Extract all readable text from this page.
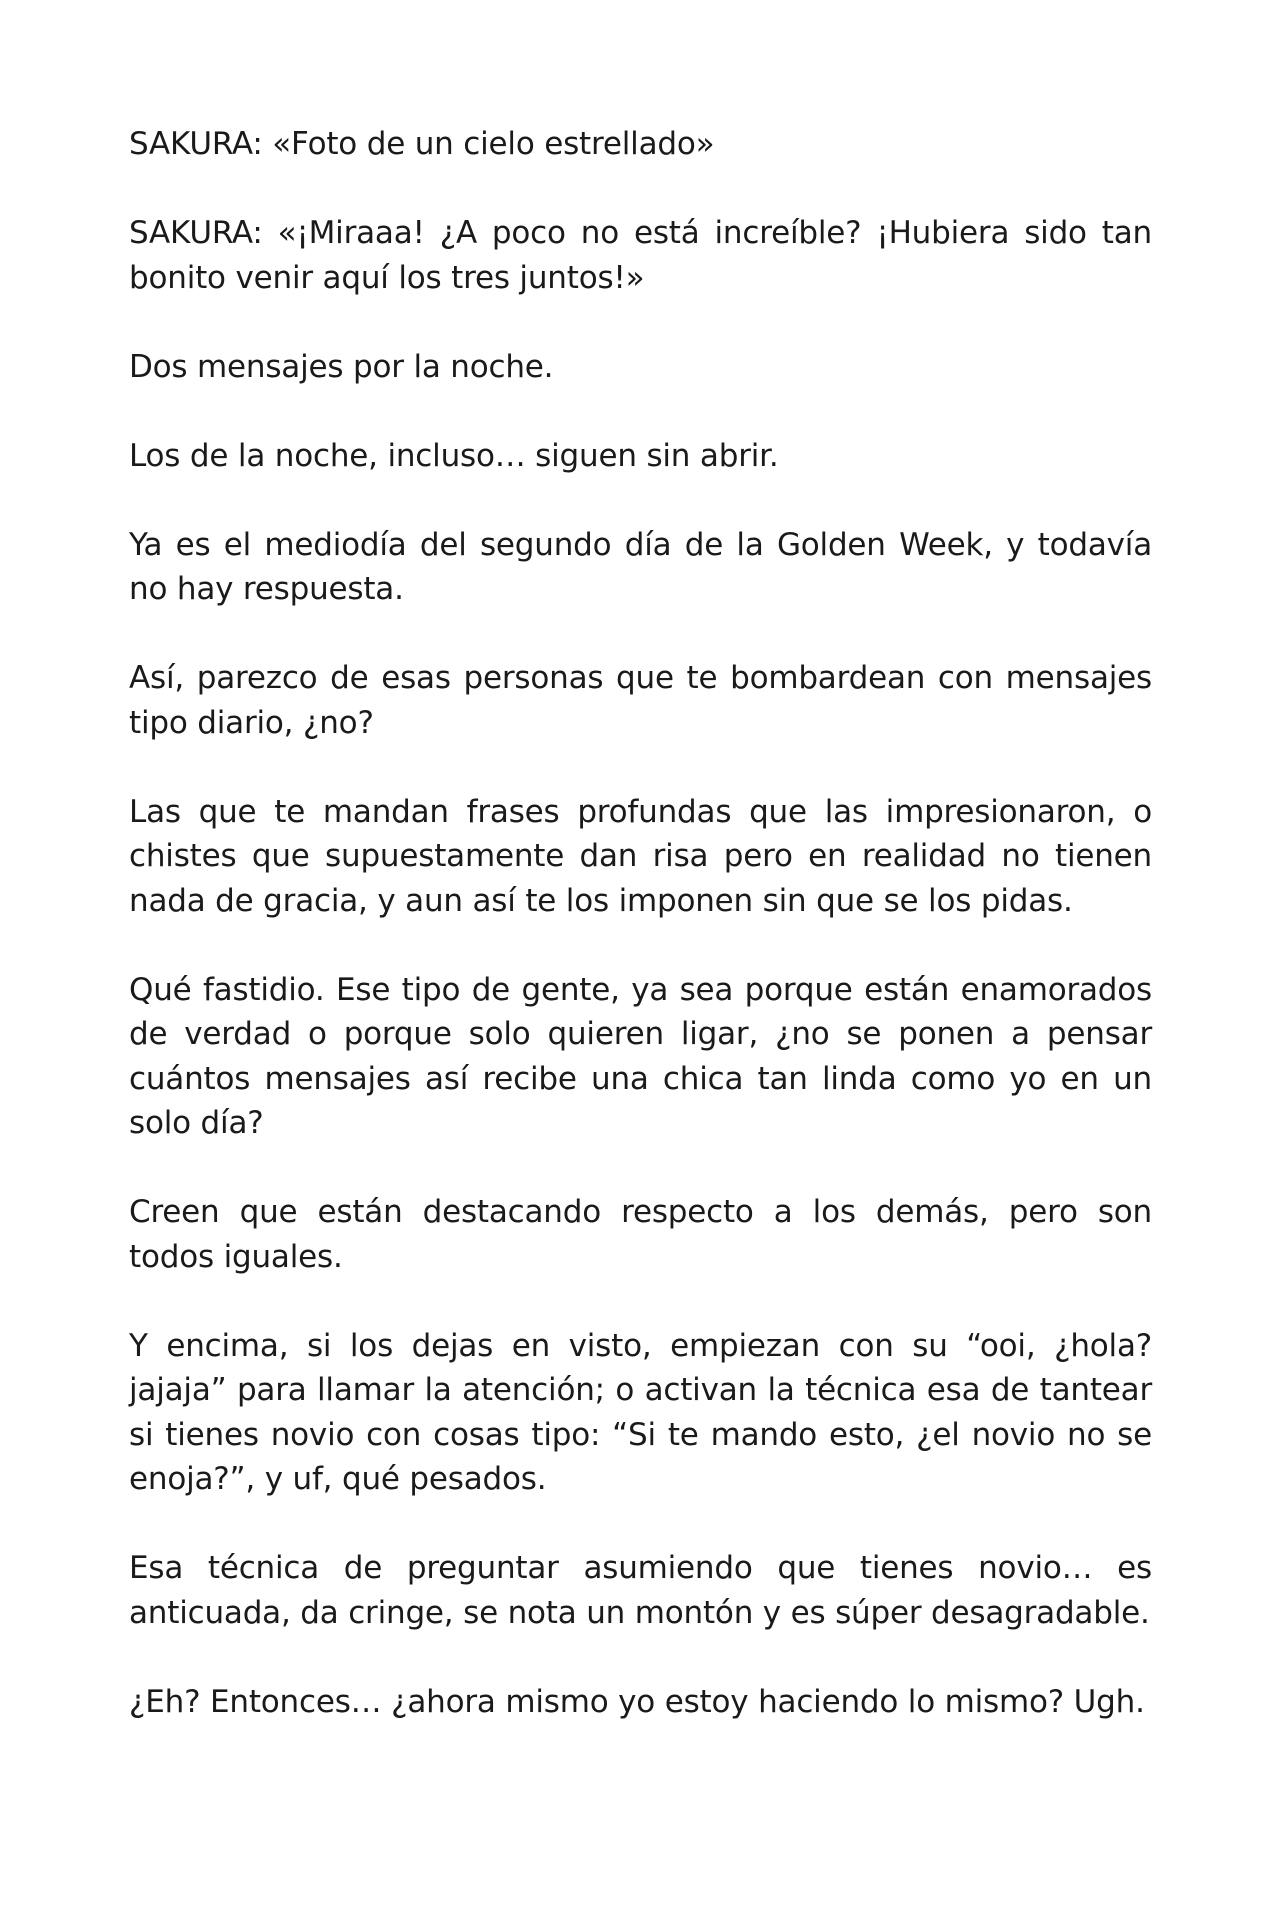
SAKURA: «Foto de un cielo estrellado»

SAKURA: «¡Miraaa! ¿A poco no está increíble? ¡Hubiera sido tan bonito venir aquí los tres juntos!»

Dos mensajes por la noche.

Los de la noche, incluso… siguen sin abrir.

Ya es el mediodía del segundo día de la Golden Week, y todavía no hay respuesta.

Así, parezco de esas personas que te bombardean con mensajes tipo diario, ¿no?

Las que te mandan frases profundas que las impresionaron, o chistes que supuestamente dan risa pero en realidad no tienen nada de gracia, y aun así te los imponen sin que se los pidas.

Qué fastidio. Ese tipo de gente, ya sea porque están enamorados de verdad o porque solo quieren ligar, ¿no se ponen a pensar cuántos mensajes así recibe una chica tan linda como yo en un solo día?

Creen que están destacando respecto a los demás, pero son todos iguales.

Y encima, si los dejas en visto, empiezan con su “ooi, ¿hola? jajaja” para llamar la atención; o activan la técnica esa de tantear si tienes novio con cosas tipo: “Si te mando esto, ¿el novio no se enoja?”, y uf, qué pesados.

Esa técnica de preguntar asumiendo que tienes novio… es anticuada, da cringe, se nota un montón y es súper desagradable.

¿Eh? Entonces… ¿ahora mismo yo estoy haciendo lo mismo? Ugh.
